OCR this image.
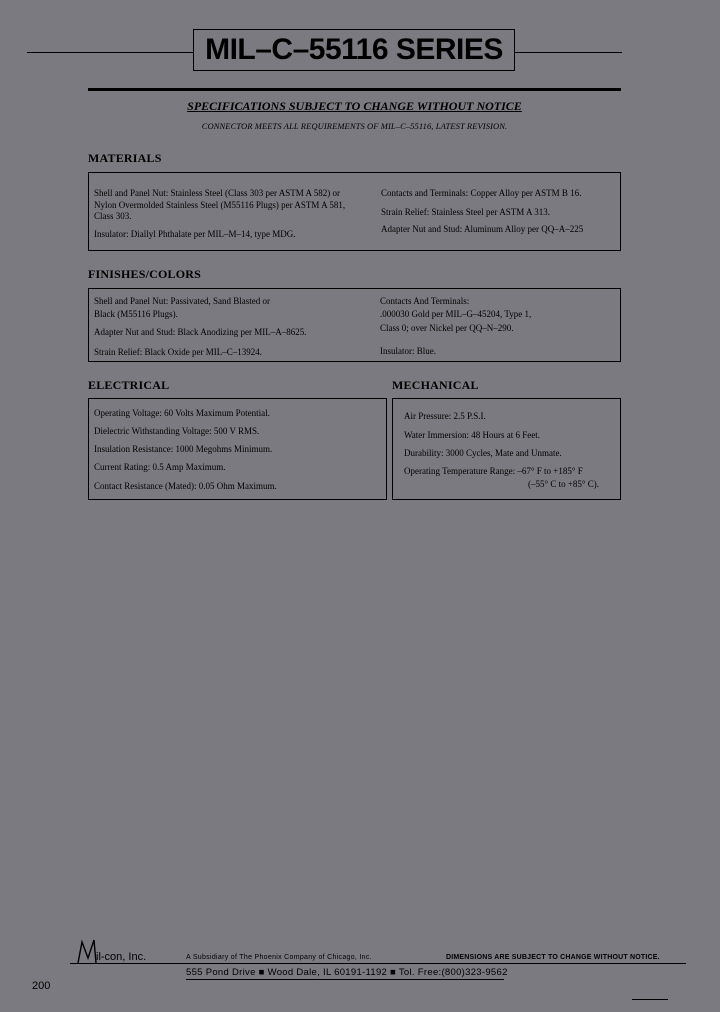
MIL–C–55116 SERIES
SPECIFICATIONS SUBJECT TO CHANGE WITHOUT NOTICE
CONNECTOR MEETS ALL REQUIREMENTS OF MIL–C–55116, LATEST REVISION.
MATERIALS
Shell and Panel Nut: Stainless Steel (Class 303 per ASTM A 582) or
Nylon Overmolded Stainless Steel (M55116 Plugs) per ASTM A 581,
Class 303.
Insulator: Diallyl Phthalate per MIL–M–14, type MDG.
Contacts and Terminals: Copper Alloy per ASTM B 16.
Strain Relief: Stainless Steel per ASTM A 313.
Adapter Nut and Stud: Aluminum Alloy per QQ–A–225
FINISHES/COLORS
Shell and Panel Nut: Passivated, Sand Blasted or
Black (M55116 Plugs).
Adapter Nut and Stud: Black Anodizing per MIL–A–8625.
Strain Relief: Black Oxide per MIL–C–13924.
Contacts And Terminals:
.000030 Gold per MIL–G–45204, Type 1,
Class 0; over Nickel per QQ–N–290.
Insulator: Blue.
ELECTRICAL
Operating Voltage: 60 Volts Maximum Potential.
Dielectric Withstanding Voltage: 500 V RMS.
Insulation Resistance: 1000 Megohms Minimum.
Current Rating: 0.5 Amp Maximum.
Contact Resistance (Mated): 0.05 Ohm Maximum.
MECHANICAL
Air Pressure: 2.5 P.S.I.
Water Immersion: 48 Hours at 6 Feet.
Durability: 3000 Cycles, Mate and Unmate.
Operating Temperature Range: –67° F to +185° F
(–55° C to +85° C).
il-con, Inc.	A Subsidiary of The Phoenix Company of Chicago, Inc.	DIMENSIONS ARE SUBJECT TO CHANGE WITHOUT NOTICE.
555 Pond Drive ■ Wood Dale, IL 60191-1192 ■ Tol. Free:(800)323-9562
200
